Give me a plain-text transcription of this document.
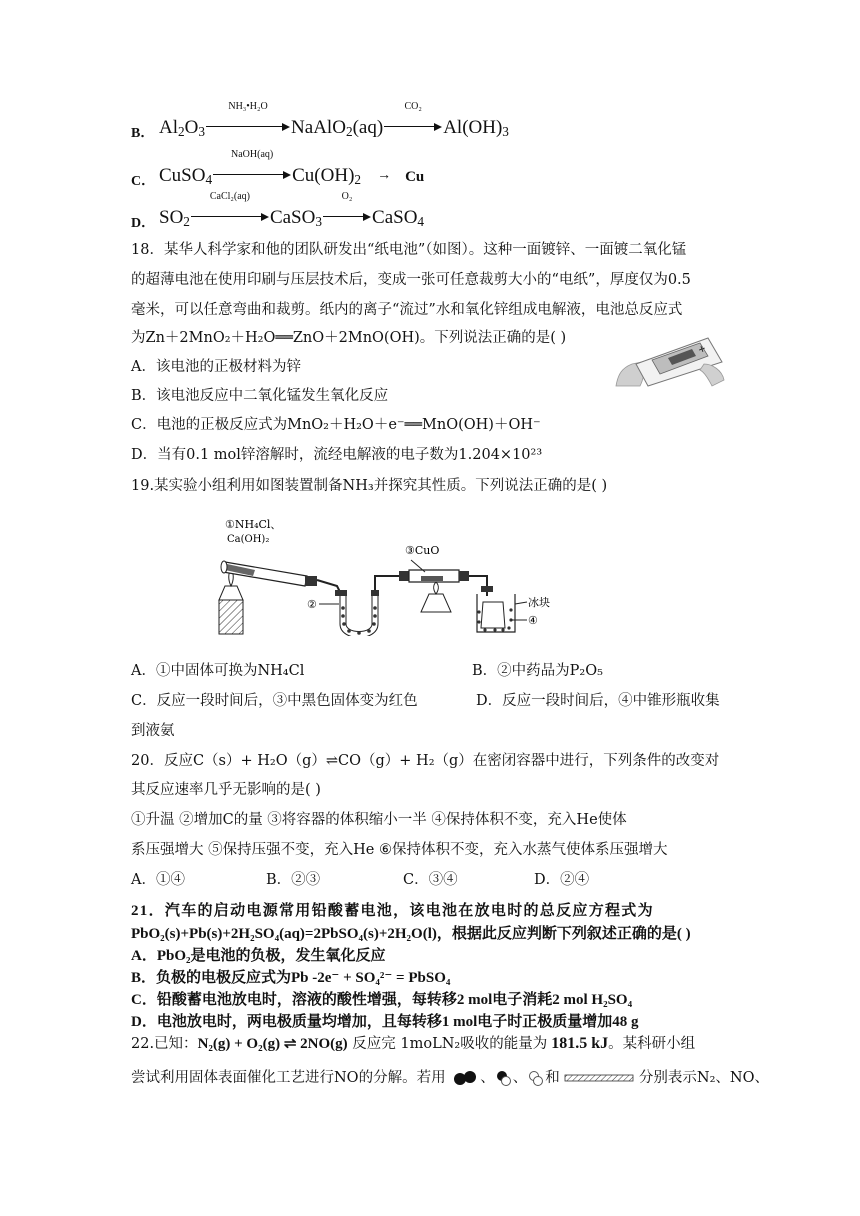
B． $Al_2O_3$
NH₃•H₂O
NaAlO$_2$(aq)
CO₂
$Al(OH)_3$
C． CuSO$_4$
NaOH(aq)
$Cu(OH)_2 \to Cu$
D． $SO_2$
CaCl₂(aq)
CaSO$_3$
O₂
CaSO$_4$
18．某华人科学家和他的团队研发出“纸电池”（如图）。这种一面镀锌、一面镀二氧化锰
的超薄电池在使用印刷与压层技术后，变成一张可任意裁剪大小的“电纸”，厚度仅为0.5
毫米，可以任意弯曲和裁剪。纸内的离子“流过”水和氧化锌组成电解液，电池总反应式
为Zn＋2MnO₂＋H₂O══ZnO＋2MnO(OH)。下列说法正确的是( )
A．该电池的正极材料为锌
B．该电池反应中二氧化锰发生氧化反应
C．电池的正极反应式为MnO₂＋H₂O＋e⁻══MnO(OH)＋OH⁻
D．当有0.1 mol锌溶解时，流经电解液的电子数为1.204×10²³
+
19.某实验小组利用如图装置制备NH₃并探究其性质。下列说法正确的是( )
①NH₄Cl、
Ca(OH)₂
②
③CuO
冰块
④
A．①中固体可换为NH₄Cl	B．②中药品为P₂O₅
C．反应一段时间后，③中黑色固体变为红色	D．反应一段时间后，④中锥形瓶收集
到液氨
20．反应C（s）+ H₂O（g）⇌CO（g）+ H₂（g）在密闭容器中进行，下列条件的改变对
其反应速率几乎无影响的是( )
①升温 ②增加C的量 ③将容器的体积缩小一半 ④保持体积不变，充入He使体
系压强增大 ⑤保持压强不变，充入He ⑥保持体积不变，充入水蒸气使体系压强增大
A．①④	B．②③	C．③④	D．②④
21．汽车的启动电源常用铅酸蓄电池，该电池在放电时的总反应方程式为
PbO₂(s)+Pb(s)+2H₂SO₄(aq)=2PbSO₄(s)+2H₂O(l)，根据此反应判断下列叙述正确的是( )
A．PbO₂是电池的负极，发生氧化反应
B．负极的电极反应式为Pb -2e⁻ + SO₄²⁻ = PbSO₄
C．铅酸蓄电池放电时，溶液的酸性增强，每转移2 mol电子消耗2 mol H₂SO₄
D．电池放电时，两电极质量均增加，且每转移1 mol电子时正极质量增加48 g
22.已知：N₂(g) + O₂(g) ⇌ 2NO(g) 反应完 1moLN₂吸收的能量为 181.5 kJ。某科研小组
尝试利用固体表面催化工艺进行NO的分解。若用 、 、 和	分别表示N₂、NO、
